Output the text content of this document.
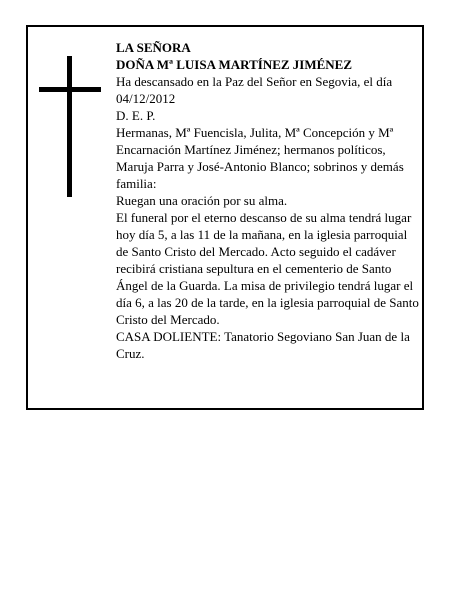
LA SEÑORA

DOÑA Mª LUISA MARTÍNEZ JIMÉNEZ

Ha descansado en la Paz del Señor en Segovia, el día 04/12/2012

D. E. P.

Hermanas, Mª Fuencisla, Julita, Mª Concepción y Mª Encarnación Martínez Jiménez; hermanos políticos, Maruja Parra y José-Antonio Blanco; sobrinos y demás familia:

Ruegan una oración por su alma.

El funeral por el eterno descanso de su alma tendrá lugar hoy día 5, a las 11 de la mañana, en la iglesia parroquial de Santo Cristo del Mercado. Acto seguido el cadáver recibirá cristiana sepultura en el cementerio de Santo Ángel de la Guarda. La misa de privilegio tendrá lugar el día 6, a las 20 de la tarde, en la iglesia parroquial de Santo Cristo del Mercado.

CASA DOLIENTE: Tanatorio Segoviano San Juan de la Cruz.
